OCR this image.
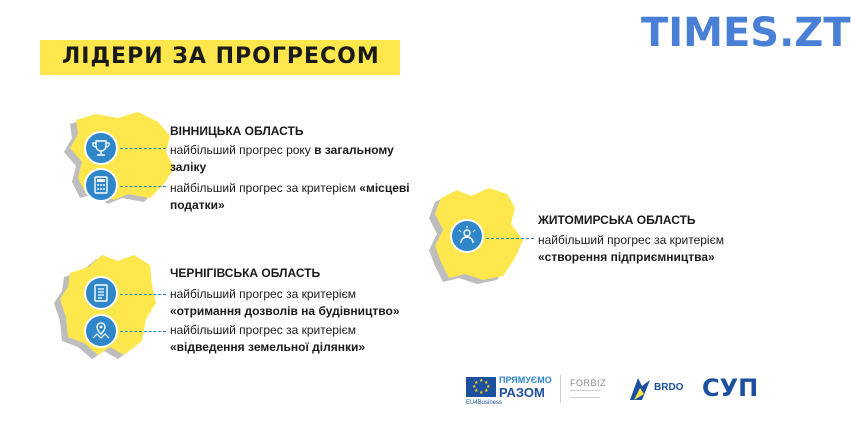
TIMES.ZT
ЛІДЕРИ ЗА ПРОГРЕСОМ
ВІННИЦЬКА ОБЛАСТЬ
найбільший прогрес року в загальному заліку
найбільший прогрес за критерієм «місцеві податки»
ЧЕРНІГІВСЬКА ОБЛАСТЬ
найбільший прогрес за критерієм «отримання дозволів на будівництво»
найбільший прогрес за критерієм «відведення земельної ділянки»
ЖИТОМИРСЬКА ОБЛАСТЬ
найбільший прогрес за критерієм «створення підприємництва»
★ ★
★
★
★
★
★
★
EU4Business
ПРЯМУЄМО
РАЗОМ
FORBIZ	BRDO СУП
